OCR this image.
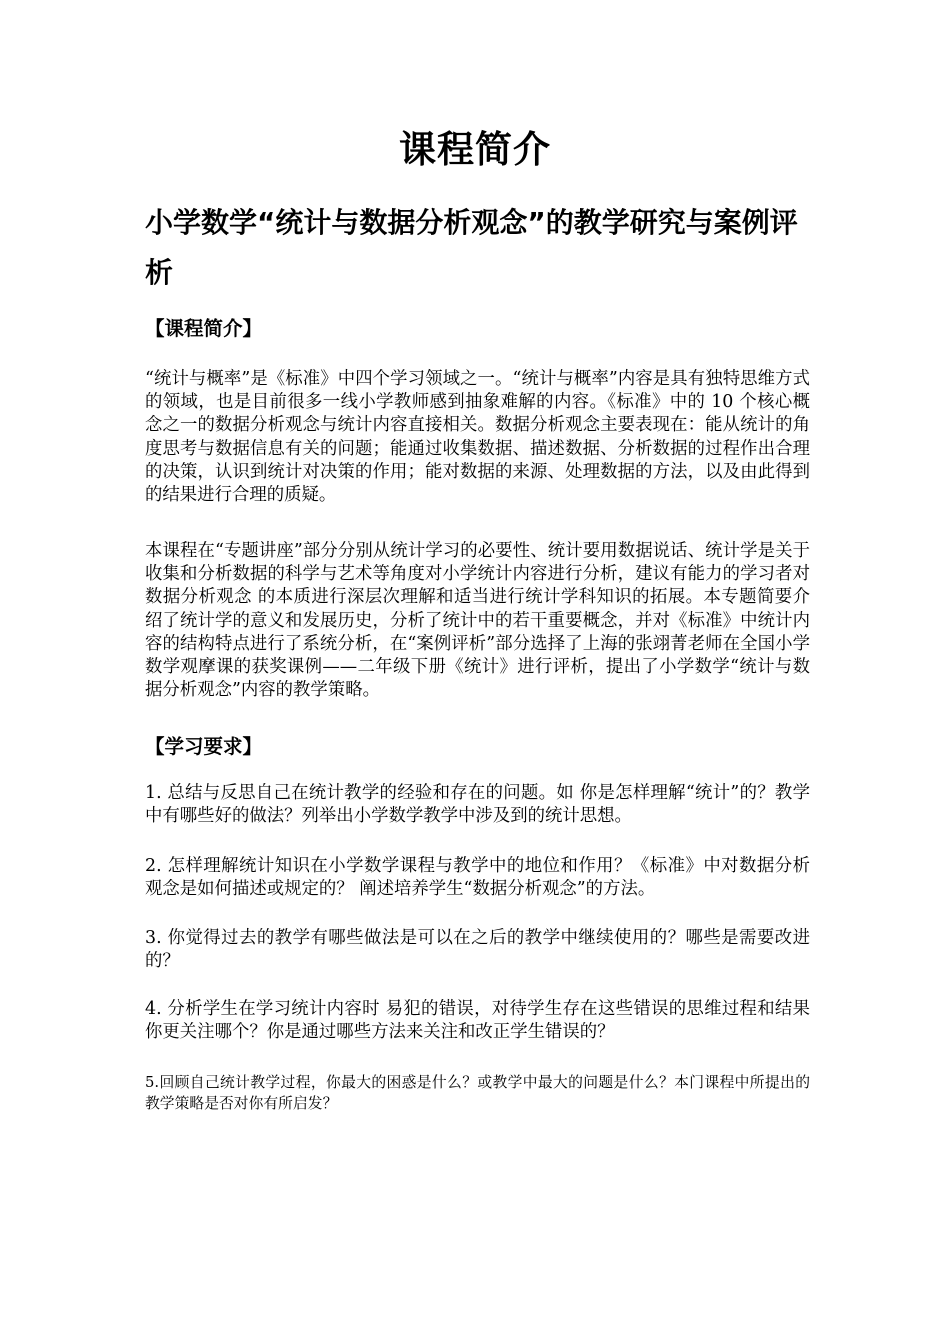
课程简介
小学数学“统计与数据分析观念”的教学研究与案例评析
【课程简介】

“统计与概率”是《标准》中四个学习领域之一。“统计与概率”内容是具有独特思维方式的领域，也是目前很多一线小学教师感到抽象难解的内容。《标准》中的 10 个核心概念之一的数据分析观念与统计内容直接相关。数据分析观念主要表现在：能从统计的角度思考与数据信息有关的问题；能通过收集数据、描述数据、分析数据的过程作出合理的决策，认识到统计对决策的作用；能对数据的来源、处理数据的方法，以及由此得到的结果进行合理的质疑。

本课程在“专题讲座”部分分别从统计学习的必要性、统计要用数据说话、统计学是关于收集和分析数据的科学与艺术等角度对小学统计内容进行分析，建议有能力的学习者对 数据分析观念 的本质进行深层次理解和适当进行统计学科知识的拓展。本专题简要介绍了统计学的意义和发展历史，分析了统计中的若干重要概念，并对《标准》中统计内容的结构特点进行了系统分析，在“案例评析”部分选择了上海的张翊菁老师在全国小学数学观摩课的获奖课例——二年级下册《统计》进行评析，提出了小学数学“统计与数据分析观念”内容的教学策略。

【学习要求】

1. 总结与反思自己在统计教学的经验和存在的问题。如 你是怎样理解“统计”的？教学中有哪些好的做法？列举出小学数学教学中涉及到的统计思想。

2. 怎样理解统计知识在小学数学课程与教学中的地位和作用？《标准》中对数据分析观念是如何描述或规定的？ 阐述培养学生“数据分析观念”的方法。

3. 你觉得过去的教学有哪些做法是可以在之后的教学中继续使用的？哪些是需要改进的？

4. 分析学生在学习统计内容时 易犯的错误，对待学生存在这些错误的思维过程和结果你更关注哪个？你是通过哪些方法来关注和改正学生错误的？

5.回顾自己统计教学过程，你最大的困惑是什么？或教学中最大的问题是什么？本门课程中所提出的教学策略是否对你有所启发？
